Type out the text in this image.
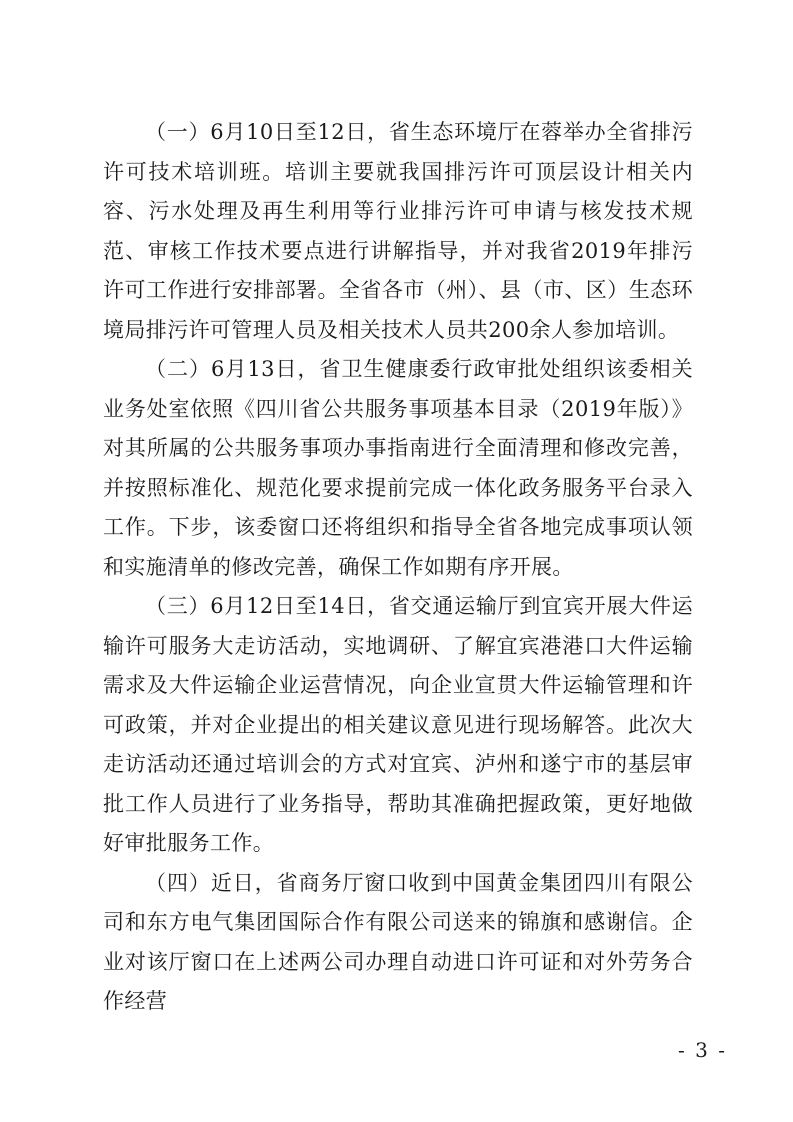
（一）6月10日至12日，省生态环境厅在蓉举办全省排污许可技术培训班。培训主要就我国排污许可顶层设计相关内容、污水处理及再生利用等行业排污许可申请与核发技术规范、审核工作技术要点进行讲解指导，并对我省2019年排污许可工作进行安排部署。全省各市（州）、县（市、区）生态环境局排污许可管理人员及相关技术人员共200余人参加培训。

（二）6月13日，省卫生健康委行政审批处组织该委相关业务处室依照《四川省公共服务事项基本目录（2019年版）》对其所属的公共服务事项办事指南进行全面清理和修改完善，并按照标准化、规范化要求提前完成一体化政务服务平台录入工作。下步，该委窗口还将组织和指导全省各地完成事项认领和实施清单的修改完善，确保工作如期有序开展。

（三）6月12日至14日，省交通运输厅到宜宾开展大件运输许可服务大走访活动，实地调研、了解宜宾港港口大件运输需求及大件运输企业运营情况，向企业宣贯大件运输管理和许可政策，并对企业提出的相关建议意见进行现场解答。此次大走访活动还通过培训会的方式对宜宾、泸州和遂宁市的基层审批工作人员进行了业务指导，帮助其准确把握政策，更好地做好审批服务工作。

（四）近日，省商务厅窗口收到中国黄金集团四川有限公司和东方电气集团国际合作有限公司送来的锦旗和感谢信。企业对该厅窗口在上述两公司办理自动进口许可证和对外劳务合作经营

- 3 -
